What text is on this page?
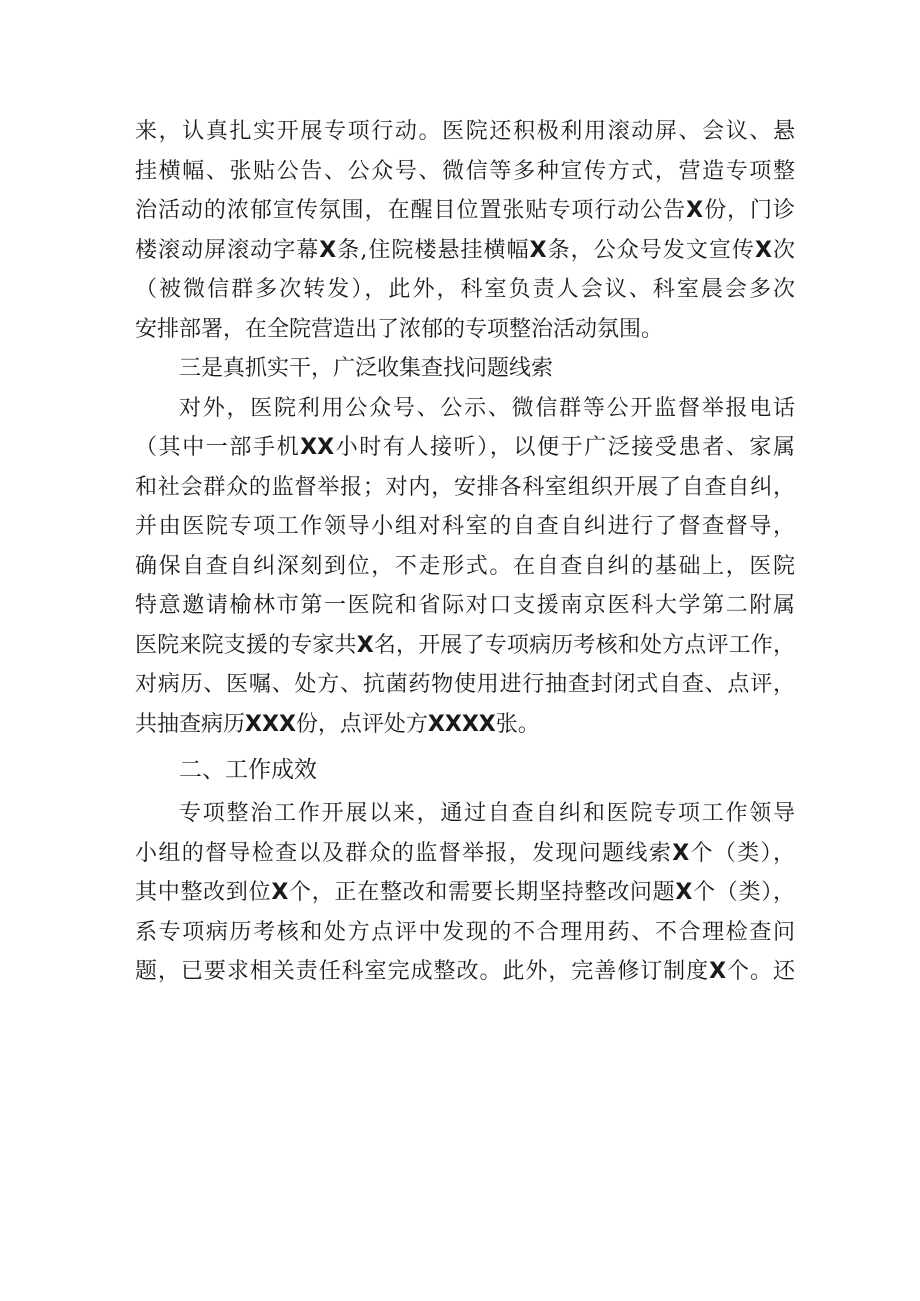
来，认真扎实开展专项行动。医院还积极利用滚动屏、会议、悬
挂横幅、张贴公告、公众号、微信等多种宣传方式，营造专项整
治活动的浓郁宣传氛围，在醒目位置张贴专项行动公告X份，门诊
楼滚动屏滚动字幕X条,住院楼悬挂横幅X条，公众号发文宣传X次
（被微信群多次转发），此外，科室负责人会议、科室晨会多次
安排部署，在全院营造出了浓郁的专项整治活动氛围。
三是真抓实干，广泛收集查找问题线索
对外，医院利用公众号、公示、微信群等公开监督举报电话
（其中一部手机XX小时有人接听），以便于广泛接受患者、家属
和社会群众的监督举报；对内，安排各科室组织开展了自查自纠，
并由医院专项工作领导小组对科室的自查自纠进行了督查督导，
确保自查自纠深刻到位，不走形式。在自查自纠的基础上，医院
特意邀请榆林市第一医院和省际对口支援南京医科大学第二附属
医院来院支援的专家共X名，开展了专项病历考核和处方点评工作，
对病历、医嘱、处方、抗菌药物使用进行抽查封闭式自查、点评，
共抽查病历XXX份，点评处方XXXX张。
二、工作成效
专项整治工作开展以来，通过自查自纠和医院专项工作领导
小组的督导检查以及群众的监督举报，发现问题线索X个（类），
其中整改到位X个，正在整改和需要长期坚持整改问题X个（类），
系专项病历考核和处方点评中发现的不合理用药、不合理检查问
题，已要求相关责任科室完成整改。此外，完善修订制度X个。还
